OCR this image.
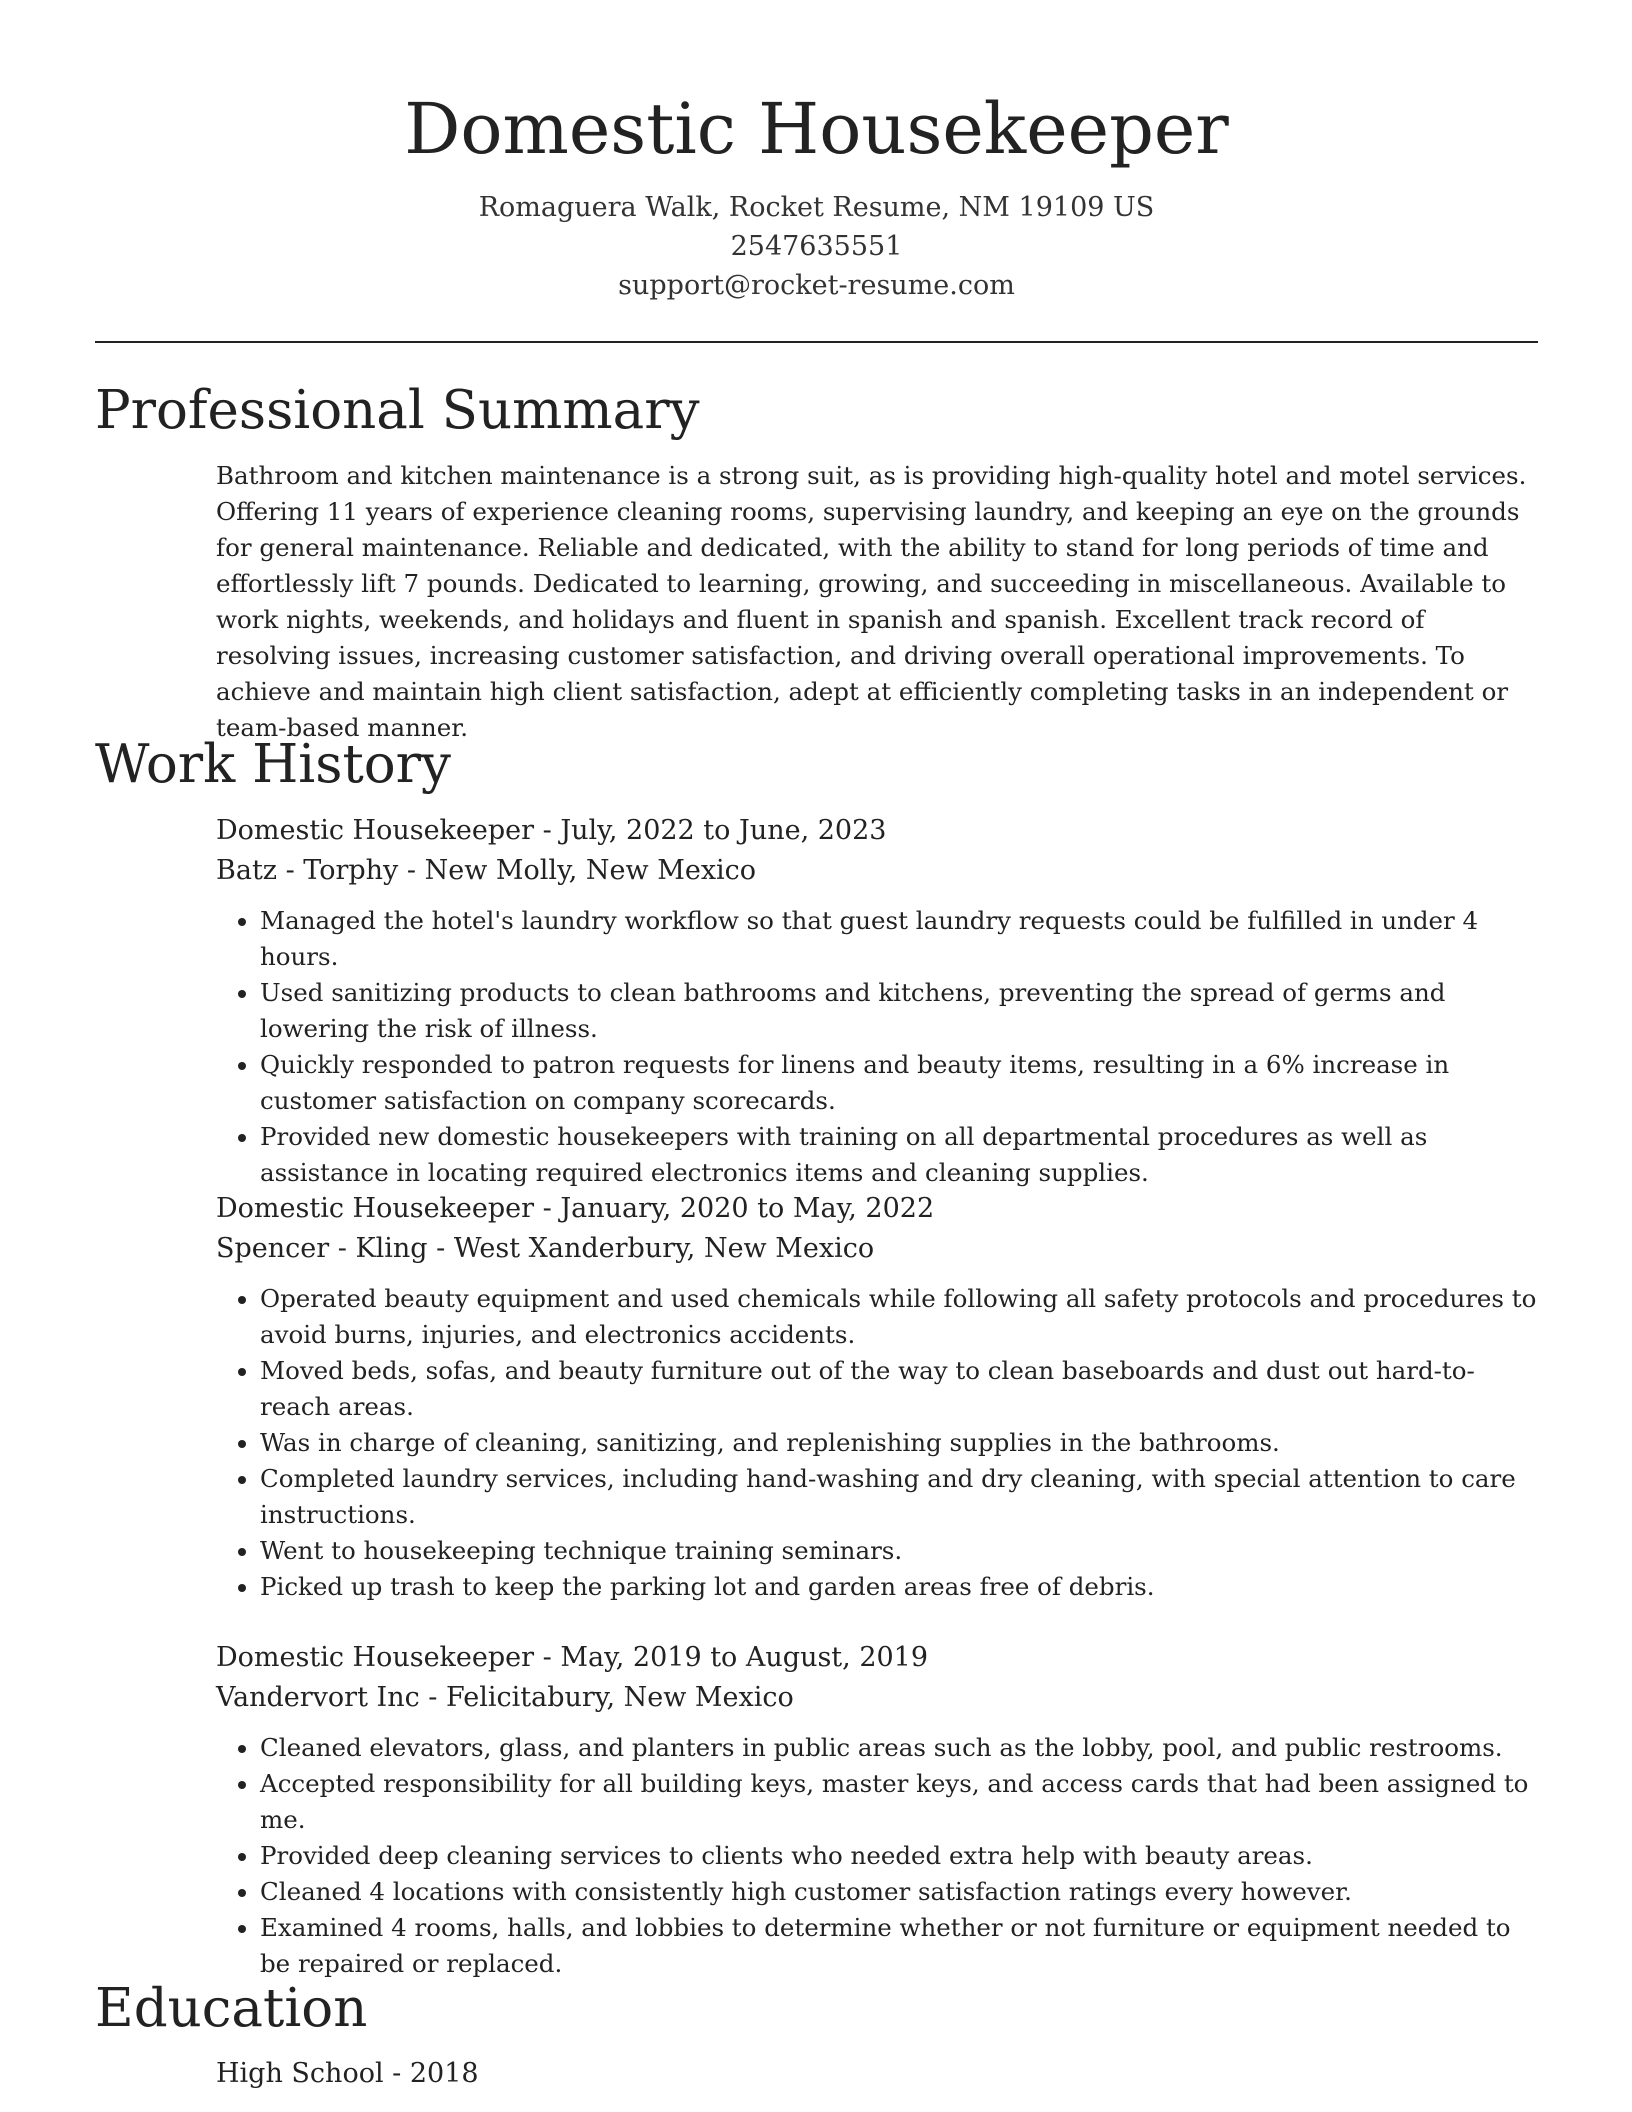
Domestic Housekeeper
Romaguera Walk, Rocket Resume, NM 19109 US
2547635551
support@rocket-resume.com
Professional Summary

Bathroom and kitchen maintenance is a strong suit, as is providing high-quality hotel and motel services. Offering 11 years of experience cleaning rooms, supervising laundry, and keeping an eye on the grounds for general maintenance. Reliable and dedicated, with the ability to stand for long periods of time and effortlessly lift 7 pounds. Dedicated to learning, growing, and succeeding in miscellaneous. Available to work nights, weekends, and holidays and fluent in spanish and spanish. Excellent track record of resolving issues, increasing customer satisfaction, and driving overall operational improvements. To achieve and maintain high client satisfaction, adept at efficiently completing tasks in an independent or team-based manner.

Work History
Domestic Housekeeper - July, 2022 to June, 2023
Batz - Torphy - New Molly, New Mexico
• Managed the hotel's laundry workflow so that guest laundry requests could be fulfilled in under 4 hours.
• Used sanitizing products to clean bathrooms and kitchens, preventing the spread of germs and lowering the risk of illness.
• Quickly responded to patron requests for linens and beauty items, resulting in a 6% increase in customer satisfaction on company scorecards.
• Provided new domestic housekeepers with training on all departmental procedures as well as assistance in locating required electronics items and cleaning supplies.
Domestic Housekeeper - January, 2020 to May, 2022
Spencer - Kling - West Xanderbury, New Mexico
• Operated beauty equipment and used chemicals while following all safety protocols and procedures to avoid burns, injuries, and electronics accidents.
• Moved beds, sofas, and beauty furniture out of the way to clean baseboards and dust out hard-to-reach areas.
• Was in charge of cleaning, sanitizing, and replenishing supplies in the bathrooms.
• Completed laundry services, including hand-washing and dry cleaning, with special attention to care instructions.
• Went to housekeeping technique training seminars.
• Picked up trash to keep the parking lot and garden areas free of debris.
Domestic Housekeeper - May, 2019 to August, 2019
Vandervort Inc - Felicitabury, New Mexico
• Cleaned elevators, glass, and planters in public areas such as the lobby, pool, and public restrooms.
• Accepted responsibility for all building keys, master keys, and access cards that had been assigned to me.
• Provided deep cleaning services to clients who needed extra help with beauty areas.
• Cleaned 4 locations with consistently high customer satisfaction ratings every however.
• Examined 4 rooms, halls, and lobbies to determine whether or not furniture or equipment needed to be repaired or replaced.
Education
High School - 2018
